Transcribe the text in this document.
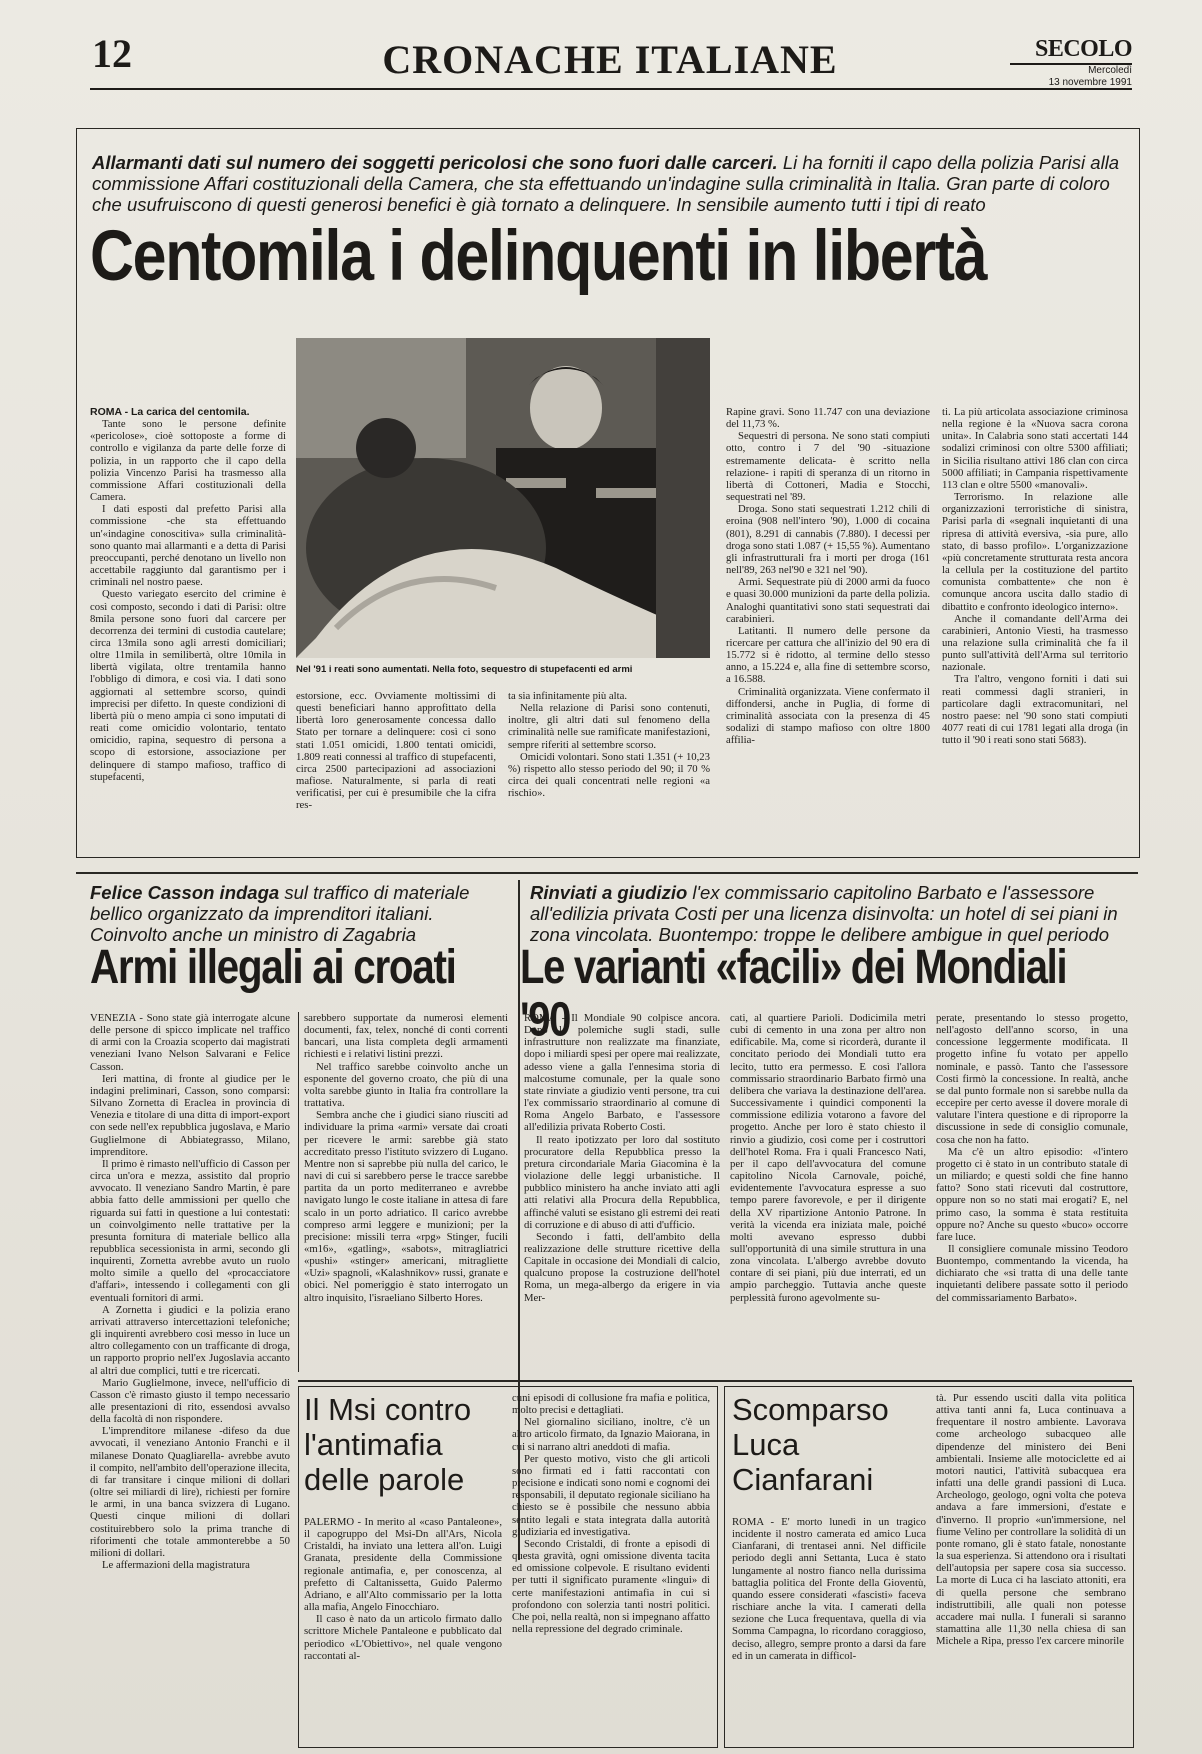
12	CRONACHE ITALIANE	SECOLO
Mercoledì
13 novembre 1991
Allarmanti dati sul numero dei soggetti pericolosi che sono fuori dalle carceri. Li ha forniti il capo della polizia Parisi alla commissione Affari costituzionali della Camera, che sta effettuando un'indagine sulla criminalità in Italia. Gran parte di coloro che usufruiscono di questi generosi benefici è già tornato a delinquere. In sensibile aumento tutti i tipi di reato
Centomila i delinquenti in libertà

ROMA - La carica del centomila.

Tante sono le persone definite «pericolose», cioè sottoposte a forme di controllo e vigilanza da parte delle forze di polizia, in un rapporto che il capo della polizia Vincenzo Parisi ha trasmesso alla commissione Affari costituzionali della Camera.

I dati esposti dal prefetto Parisi alla commissione -che sta effettuando un'«indagine conoscitiva» sulla criminalità- sono quanto mai allarmanti e a detta di Parisi preoccupanti, perché denotano un livello non accettabile raggiunto dal garantismo per i criminali nel nostro paese.

Questo variegato esercito del crimine è così composto, secondo i dati di Parisi: oltre 8mila persone sono fuori dal carcere per decorrenza dei termini di custodia cautelare; circa 13mila sono agli arresti domiciliari; oltre 11mila in semilibertà, oltre 10mila in libertà vigilata, oltre trentamila hanno l'obbligo di dimora, e così via. I dati sono aggiornati al settembre scorso, quindi imprecisi per difetto. In queste condizioni di libertà più o meno ampia ci sono imputati di reati come omicidio volontario, tentato omicidio, rapina, sequestro di persona a scopo di estorsione, associazione per delinquere di stampo mafioso, traffico di stupefacenti,

Nel '91 i reati sono aumentati. Nella foto, sequestro di stupefacenti ed armi

estorsione, ecc. Ovviamente moltissimi di questi beneficiari hanno approfittato della libertà loro generosamente concessa dallo Stato per tornare a delinquere: così ci sono stati 1.051 omicidi, 1.800 tentati omicidi, 1.809 reati connessi al traffico di stupefacenti, circa 2500 partecipazioni ad associazioni mafiose. Naturalmente, si parla di reati verificatisi, per cui è presumibile che la cifra res-

ta sia infinitamente più alta.

Nella relazione di Parisi sono contenuti, inoltre, gli altri dati sul fenomeno della criminalità nelle sue ramificate manifestazioni, sempre riferiti al settembre scorso.

Omicidi volontari. Sono stati 1.351 (+ 10,23 %) rispetto allo stesso periodo del 90; il 70 % circa dei quali concentrati nelle regioni «a rischio».

Rapine gravi. Sono 11.747 con una deviazione del 11,73 %.

Sequestri di persona. Ne sono stati compiuti otto, contro i 7 del '90 -situazione estremamente delicata- è scritto nella relazione- i rapiti di speranza di un ritorno in libertà di Cottoneri, Madia e Stocchi, sequestrati nel '89.

Droga. Sono stati sequestrati 1.212 chili di eroina (908 nell'intero '90), 1.000 di cocaina (801), 8.291 di cannabis (7.880). I decessi per droga sono stati 1.087 (+ 15,55 %). Aumentano gli infrastrutturali fra i morti per droga (161 nell'89, 263 nel'90 e 321 nel '90).

Armi. Sequestrate più di 2000 armi da fuoco e quasi 30.000 munizioni da parte della polizia. Analoghi quantitativi sono stati sequestrati dai carabinieri.

Latitanti. Il numero delle persone da ricercare per cattura che all'inizio del 90 era di 15.772 si è ridotto, al termine dello stesso anno, a 15.224 e, alla fine di settembre scorso, a 16.588.

Criminalità organizzata. Viene confermato il diffondersi, anche in Puglia, di forme di criminalità associata con la presenza di 45 sodalizi di stampo mafioso con oltre 1800 affilia-

ti. La più articolata associazione criminosa nella regione è la «Nuova sacra corona unita». In Calabria sono stati accertati 144 sodalizi criminosi con oltre 5300 affiliati; in Sicilia risultano attivi 186 clan con circa 5000 affiliati; in Campania rispettivamente 113 clan e oltre 5500 «manovali».

Terrorismo. In relazione alle organizzazioni terroristiche di sinistra, Parisi parla di «segnali inquietanti di una ripresa di attività eversiva, -sia pure, allo stato, di basso profilo». L'organizzazione «più concretamente strutturata resta ancora la cellula per la costituzione del partito comunista combattente» che non è comunque ancora uscita dallo stadio di dibattito e confronto ideologico interno».

Anche il comandante dell'Arma dei carabinieri, Antonio Viesti, ha trasmesso una relazione sulla criminalità che fa il punto sull'attività dell'Arma sul territorio nazionale.

Tra l'altro, vengono forniti i dati sui reati commessi dagli stranieri, in particolare dagli extracomunitari, nel nostro paese: nel '90 sono stati compiuti 4077 reati di cui 1781 legati alla droga (in tutto il '90 i reati sono stati 5683).

Felice Casson indaga sul traffico di materiale bellico organizzato da imprenditori italiani. Coinvolto anche un ministro di Zagabria
Armi illegali ai croati

VENEZIA - Sono state già interrogate alcune delle persone di spicco implicate nel traffico di armi con la Croazia scoperto dai magistrati veneziani Ivano Nelson Salvarani e Felice Casson.

Ieri mattina, di fronte al giudice per le indagini preliminari, Casson, sono comparsi: Silvano Zornetta di Eraclea in provincia di Venezia e titolare di una ditta di import-export con sede nell'ex repubblica jugoslava, e Mario Guglielmone di Abbiategrasso, Milano, imprenditore.

Il primo è rimasto nell'ufficio di Casson per circa un'ora e mezza, assistito dal proprio avvocato. Il veneziano Sandro Martin, è pare abbia fatto delle ammissioni per quello che riguarda sui fatti in questione a lui contestati: un coinvolgimento nelle trattative per la presunta fornitura di materiale bellico alla repubblica secessionista in armi, secondo gli inquirenti, Zornetta avrebbe avuto un ruolo molto simile a quello del «procacciatore d'affari», intessendo i collegamenti con gli eventuali fornitori di armi.

A Zornetta i giudici e la polizia erano arrivati attraverso intercettazioni telefoniche; gli inquirenti avrebbero così messo in luce un altro collegamento con un trafficante di droga, un rapporto proprio nell'ex Jugoslavia accanto al altri due complici, tutti e tre ricercati.

Mario Guglielmone, invece, nell'ufficio di Casson c'è rimasto giusto il tempo necessario alle presentazioni di rito, essendosi avvalso della facoltà di non rispondere.

L'imprenditore milanese -difeso da due avvocati, il veneziano Antonio Franchi e il milanese Donato Quagliarella- avrebbe avuto il compito, nell'ambito dell'operazione illecita, di far transitare i cinque milioni di dollari (oltre sei miliardi di lire), richiesti per fornire le armi, in una banca svizzera di Lugano. Questi cinque milioni di dollari costituirebbero solo la prima tranche di riforimenti che totale ammonterebbe a 50 milioni di dollari.

Le affermazioni della magistratura

sarebbero supportate da numerosi elementi documenti, fax, telex, nonché di conti correnti bancari, una lista completa degli armamenti richiesti e i relativi listini prezzi.

Nel traffico sarebbe coinvolto anche un esponente del governo croato, che più di una volta sarebbe giunto in Italia fra controllare la trattativa.

Sembra anche che i giudici siano riusciti ad individuare la prima «armi» versate dai croati per ricevere le armi: sarebbe già stato accreditato presso l'istituto svizzero di Lugano. Mentre non si saprebbe più nulla del carico, le navi di cui si sarebbero perse le tracce sarebbe partita da un porto mediterraneo e avrebbe navigato lungo le coste italiane in attesa di fare scalo in un porto adriatico. Il carico avrebbe compreso armi leggere e munizioni; per la precisione: missili terra «rpg» Stinger, fucili «m16», «gatling», «sabots», mitragliatrici «pushi» «stinger» americani, mitragliette «Uzi» spagnoli, «Kalashnikov» russi, granate e obici. Nel pomeriggio è stato interrogato un altro inquisito, l'israeliano Silberto Hores.

Rinviati a giudizio l'ex commissario capitolino Barbato e l'assessore all'edilizia privata Costi per una licenza disinvolta: un hotel di sei piani in zona vincolata. Buontempo: troppe le delibere ambigue in quel periodo
Le varianti «facili» dei Mondiali '90

ROMA - Il Mondiale 90 colpisce ancora. Dopo le polemiche sugli stadi, sulle infrastrutture non realizzate ma finanziate, dopo i miliardi spesi per opere mai realizzate, adesso viene a galla l'ennesima storia di malcostume comunale, per la quale sono state rinviate a giudizio venti persone, tra cui l'ex commissario straordinario al comune di Roma Angelo Barbato, e l'assessore all'edilizia privata Roberto Costi.

Il reato ipotizzato per loro dal sostituto procuratore della Repubblica presso la pretura circondariale Maria Giacomina è la violazione delle leggi urbanistiche. Il pubblico ministero ha anche inviato atti agli atti relativi alla Procura della Repubblica, affinché valuti se esistano gli estremi dei reati di corruzione e di abuso di atti d'ufficio.

Secondo i fatti, dell'ambito della realizzazione delle strutture ricettive della Capitale in occasione dei Mondiali di calcio, qualcuno propose la costruzione dell'hotel Roma, un mega-albergo da erigere in via Mer-

cati, al quartiere Parioli. Dodicimila metri cubi di cemento in una zona per altro non edificabile. Ma, come si ricorderà, durante il concitato periodo dei Mondiali tutto era lecito, tutto era permesso. E così l'allora commissario straordinario Barbato firmò una delibera che variava la destinazione dell'area. Successivamente i quindici componenti la commissione edilizia votarono a favore del progetto. Anche per loro è stato chiesto il rinvio a giudizio, così come per i costruttori dell'hotel Roma. Fra i quali Francesco Nati, per il capo dell'avvocatura del comune capitolino Nicola Carnovale, poiché, evidentemente l'avvocatura espresse a suo tempo parere favorevole, e per il dirigente della XV ripartizione Antonio Patrone. In verità la vicenda era iniziata male, poiché molti avevano espresso dubbi sull'opportunità di una simile struttura in una zona vincolata. L'albergo avrebbe dovuto contare di sei piani, più due interrati, ed un ampio parcheggio. Tuttavia anche queste perplessità furono agevolmente su-

perate, presentando lo stesso progetto, nell'agosto dell'anno scorso, in una concessione leggermente modificata. Il progetto infine fu votato per appello nominale, e passò. Tanto che l'assessore Costi firmò la concessione. In realtà, anche se dal punto formale non si sarebbe nulla da eccepire per certo avesse il dovere morale di valutare l'intera questione e di riproporre la discussione in sede di consiglio comunale, cosa che non ha fatto.

Ma c'è un altro episodio: «l'intero progetto ci è stato in un contributo statale di un miliardo; e questi soldi che fine hanno fatto? Sono stati ricevuti dal costruttore, oppure non so no stati mai erogati? E, nel primo caso, la somma è stata restituita oppure no? Anche su questo «buco» occorre fare luce.

Il consigliere comunale missino Teodoro Buontempo, commentando la vicenda, ha dichiarato che «si tratta di una delle tante inquietanti delibere passate sotto il periodo del commissariamento Barbato».

Il Msi contro l'antimafia delle parole

PALERMO - In merito al «caso Pantaleone», il capogruppo del Msi-Dn all'Ars, Nicola Cristaldi, ha inviato una lettera all'on. Luigi Granata, presidente della Commissione regionale antimafia, e, per conoscenza, al prefetto di Caltanissetta, Guido Palermo Adriano, e all'Alto commissario per la lotta alla mafia, Angelo Finocchiaro.

Il caso è nato da un articolo firmato dallo scrittore Michele Pantaleone e pubblicato dal periodico «L'Obiettivo», nel quale vengono raccontati al-

cuni episodi di collusione fra mafia e politica, molto precisi e dettagliati.

Nel giornalino siciliano, inoltre, c'è un altro articolo firmato, da Ignazio Maiorana, in cui si narrano altri aneddoti di mafia.

Per questo motivo, visto che gli articoli sono firmati ed i fatti raccontati con precisione e indicati sono nomi e cognomi dei responsabili, il deputato regionale siciliano ha chiesto se è possibile che nessuno abbia sentito legali e stata integrata dalla autorità giudiziaria ed investigativa.

Secondo Cristaldi, di fronte a episodi di questa gravità, ogni omissione diventa tacita ed omissione colpevole. E risultano evidenti per tutti il significato puramente «lingui» di certe manifestazioni antimafia in cui si profondono con solerzia tanti nostri politici. Che poi, nella realtà, non si impegnano affatto nella repressione del degrado criminale.

Scomparso Luca Cianfarani

ROMA - E' morto lunedì in un tragico incidente il nostro camerata ed amico Luca Cianfarani, di trentasei anni. Nel difficile periodo degli anni Settanta, Luca è stato lungamente al nostro fianco nella durissima battaglia politica del Fronte della Gioventù, quando essere considerati «fascisti» faceva rischiare anche la vita. I camerati della sezione che Luca frequentava, quella di via Somma Campagna, lo ricordano coraggioso, deciso, allegro, sempre pronto a darsi da fare ed in un camerata in difficol-

tà. Pur essendo usciti dalla vita politica attiva tanti anni fa, Luca continuava a frequentare il nostro ambiente. Lavorava come archeologo subacqueo alle dipendenze del ministero dei Beni ambientali. Insieme alle motociclette ed ai motori nautici, l'attività subacquea era infatti una delle grandi passioni di Luca. Archeologo, geologo, ogni volta che poteva andava a fare immersioni, d'estate e d'inverno. Il proprio «un'immersione, nel fiume Velino per controllare la solidità di un ponte romano, gli è stato fatale, nonostante la sua esperienza. Si attendono ora i risultati dell'autopsia per sapere cosa sia successo. La morte di Luca ci ha lasciato attoniti, era di quella persone che sembrano indistruttibili, alle quali non potesse accadere mai nulla. I funerali si saranno stamattina alle 11,30 nella chiesa di san Michele a Ripa, presso l'ex carcere minorile
